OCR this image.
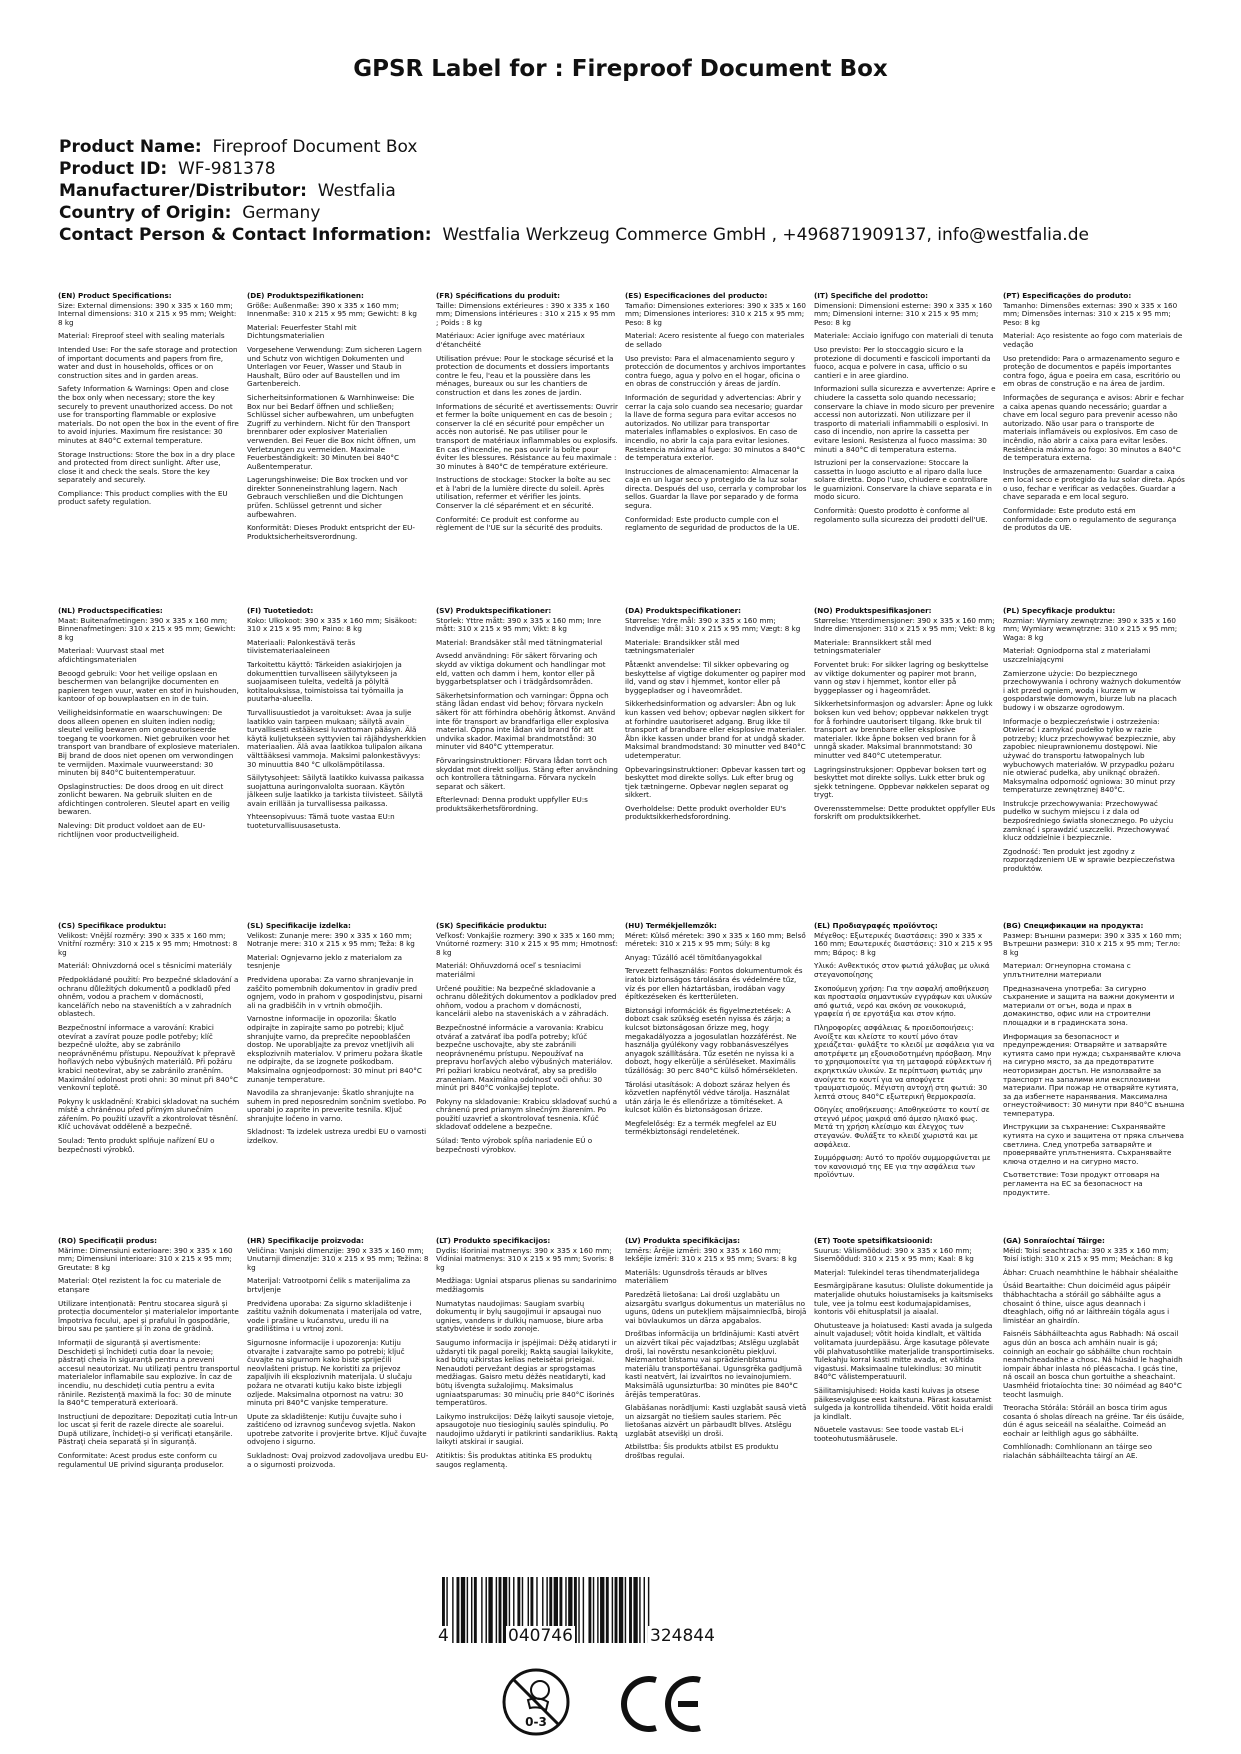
GPSR Label for : Fireproof Document Box
Product Name: Fireproof Document Box
Product ID: WF-981378
Manufacturer/Distributor: Westfalia
Country of Origin: Germany
Contact Person & Contact Information: Westfalia Werkzeug Commerce GmbH , +496871909137, info@westfalia.de
(EN) Product Specifications:

Size: External dimensions: 390 x 335 x 160 mm; Internal dimensions: 310 x 215 x 95 mm; Weight: 8 kg

Material: Fireproof steel with sealing materials

Intended Use: For the safe storage and protection of important documents and papers from fire, water and dust in households, offices or on construction sites and in garden areas.

Safety Information & Warnings: Open and close the box only when necessary; store the key securely to prevent unauthorized access. Do not use for transporting flammable or explosive materials. Do not open the box in the event of fire to avoid injuries. Maximum fire resistance: 30 minutes at 840°C external temperature.

Storage Instructions: Store the box in a dry place and protected from direct sunlight. After use, close it and check the seals. Store the key separately and securely.

Compliance: This product complies with the EU product safety regulation.

(DE) Produktspezifikationen:

Größe: Außenmaße: 390 x 335 x 160 mm; Innenmaße: 310 x 215 x 95 mm; Gewicht: 8 kg

Material: Feuerfester Stahl mit Dichtungsmaterialien

Vorgesehene Verwendung: Zum sicheren Lagern und Schutz von wichtigen Dokumenten und Unterlagen vor Feuer, Wasser und Staub in Haushalt, Büro oder auf Baustellen und im Gartenbereich.

Sicherheitsinformationen & Warnhinweise: Die Box nur bei Bedarf öffnen und schließen; Schlüssel sicher aufbewahren, um unbefugten Zugriff zu verhindern. Nicht für den Transport brennbarer oder explosiver Materialien verwenden. Bei Feuer die Box nicht öffnen, um Verletzungen zu vermeiden. Maximale Feuerbeständigkeit: 30 Minuten bei 840°C Außentemperatur.

Lagerungshinweise: Die Box trocken und vor direkter Sonneneinstrahlung lagern. Nach Gebrauch verschließen und die Dichtungen prüfen. Schlüssel getrennt und sicher aufbewahren.

Konformität: Dieses Produkt entspricht der EU-Produktsicherheitsverordnung.

(FR) Spécifications du produit:

Taille: Dimensions extérieures : 390 x 335 x 160 mm; Dimensions intérieures : 310 x 215 x 95 mm ; Poids : 8 kg

Matériaux: Acier ignifuge avec matériaux d'étanchéité

Utilisation prévue: Pour le stockage sécurisé et la protection de documents et dossiers importants contre le feu, l'eau et la poussière dans les ménages, bureaux ou sur les chantiers de construction et dans les zones de jardin.

Informations de sécurité et avertissements: Ouvrir et fermer la boîte uniquement en cas de besoin ; conserver la clé en sécurité pour empêcher un accès non autorisé. Ne pas utiliser pour le transport de matériaux inflammables ou explosifs. En cas d'incendie, ne pas ouvrir la boîte pour éviter les blessures. Résistance au feu maximale : 30 minutes à 840°C de température extérieure.

Instructions de stockage: Stocker la boîte au sec et à l'abri de la lumière directe du soleil. Après utilisation, refermer et vérifier les joints. Conserver la clé séparément et en sécurité.

Conformité: Ce produit est conforme au règlement de l'UE sur la sécurité des produits.

(ES) Especificaciones del producto:

Tamaño: Dimensiones exteriores: 390 x 335 x 160 mm; Dimensiones interiores: 310 x 215 x 95 mm; Peso: 8 kg

Material: Acero resistente al fuego con materiales de sellado

Uso previsto: Para el almacenamiento seguro y protección de documentos y archivos importantes contra fuego, agua y polvo en el hogar, oficina o en obras de construcción y áreas de jardín.

Información de seguridad y advertencias: Abrir y cerrar la caja solo cuando sea necesario; guardar la llave de forma segura para evitar accesos no autorizados. No utilizar para transportar materiales inflamables o explosivos. En caso de incendio, no abrir la caja para evitar lesiones. Resistencia máxima al fuego: 30 minutos a 840°C de temperatura exterior.

Instrucciones de almacenamiento: Almacenar la caja en un lugar seco y protegido de la luz solar directa. Después del uso, cerrarla y comprobar los sellos. Guardar la llave por separado y de forma segura.

Conformidad: Este producto cumple con el reglamento de seguridad de productos de la UE.

(IT) Specifiche del prodotto:

Dimensioni: Dimensioni esterne: 390 x 335 x 160 mm; Dimensioni interne: 310 x 215 x 95 mm; Peso: 8 kg

Materiale: Acciaio ignifugo con materiali di tenuta

Uso previsto: Per lo stoccaggio sicuro e la protezione di documenti e fascicoli importanti da fuoco, acqua e polvere in casa, ufficio o su cantieri e in aree giardino.

Informazioni sulla sicurezza e avvertenze: Aprire e chiudere la cassetta solo quando necessario; conservare la chiave in modo sicuro per prevenire accessi non autorizzati. Non utilizzare per il trasporto di materiali infiammabili o esplosivi. In caso di incendio, non aprire la cassetta per evitare lesioni. Resistenza al fuoco massima: 30 minuti a 840°C di temperatura esterna.

Istruzioni per la conservazione: Stoccare la cassetta in luogo asciutto e al riparo dalla luce solare diretta. Dopo l'uso, chiudere e controllare le guarnizioni. Conservare la chiave separata e in modo sicuro.

Conformità: Questo prodotto è conforme al regolamento sulla sicurezza dei prodotti dell'UE.

(PT) Especificações do produto:

Tamanho: Dimensões externas: 390 x 335 x 160 mm; Dimensões internas: 310 x 215 x 95 mm; Peso: 8 kg

Material: Aço resistente ao fogo com materiais de vedação

Uso pretendido: Para o armazenamento seguro e proteção de documentos e papéis importantes contra fogo, água e poeira em casa, escritório ou em obras de construção e na área de jardim.

Informações de segurança e avisos: Abrir e fechar a caixa apenas quando necessário; guardar a chave em local seguro para prevenir acesso não autorizado. Não usar para o transporte de materiais inflamáveis ou explosivos. Em caso de incêndio, não abrir a caixa para evitar lesões. Resistência máxima ao fogo: 30 minutos a 840°C de temperatura externa.

Instruções de armazenamento: Guardar a caixa em local seco e protegido da luz solar direta. Após o uso, fechar e verificar as vedações. Guardar a chave separada e em local seguro.

Conformidade: Este produto está em conformidade com o regulamento de segurança de produtos da UE.

(NL) Productspecificaties:

Maat: Buitenafmetingen: 390 x 335 x 160 mm; Binnenafmetingen: 310 x 215 x 95 mm; Gewicht: 8 kg

Materiaal: Vuurvast staal met afdichtingsmaterialen

Beoogd gebruik: Voor het veilige opslaan en beschermen van belangrijke documenten en papieren tegen vuur, water en stof in huishouden, kantoor of op bouwplaatsen en in de tuin.

Veiligheidsinformatie en waarschuwingen: De doos alleen openen en sluiten indien nodig; sleutel veilig bewaren om ongeautoriseerde toegang te voorkomen. Niet gebruiken voor het transport van brandbare of explosieve materialen. Bij brand de doos niet openen om verwondingen te vermijden. Maximale vuurweerstand: 30 minuten bij 840°C buitentemperatuur.

Opslaginstructies: De doos droog en uit direct zonlicht bewaren. Na gebruik sluiten en de afdichtingen controleren. Sleutel apart en veilig bewaren.

Naleving: Dit product voldoet aan de EU-richtlijnen voor productveiligheid.

(FI) Tuotetiedot:

Koko: Ulkokoot: 390 x 335 x 160 mm; Sisäkoot: 310 x 215 x 95 mm; Paino: 8 kg

Materiaali: Palonkestävä teräs tiivistemateriaaleineen

Tarkoitettu käyttö: Tärkeiden asiakirjojen ja dokumenttien turvalliseen säilytykseen ja suojaamiseen tulelta, vedeltä ja pölyltä kotitalouksissa, toimistoissa tai työmailla ja puutarha-alueella.

Turvallisuustiedot ja varoitukset: Avaa ja sulje laatikko vain tarpeen mukaan; säilytä avain turvallisesti estääksesi luvattoman pääsyn. Älä käytä kuljetukseen syttyvien tai räjähdysherkkien materiaalien. Älä avaa laatikkoa tulipalon aikana välttääksesi vammoja. Maksimi palonkestävyys: 30 minuuttia 840 °C ulkolämpötilassa.

Säilytysohjeet: Säilytä laatikko kuivassa paikassa suojattuna auringonvalolta suoraan. Käytön jälkeen sulje laatikko ja tarkista tiivisteet. Säilytä avain erillään ja turvallisessa paikassa.

Yhteensopivuus: Tämä tuote vastaa EU:n tuoteturvallisuusasetusta.

(SV) Produktspecifikationer:

Storlek: Yttre mått: 390 x 335 x 160 mm; Inre mått: 310 x 215 x 95 mm; Vikt: 8 kg

Material: Brandsäker stål med tätningmaterial

Avsedd användning: För säkert förvaring och skydd av viktiga dokument och handlingar mot eld, vatten och damm i hem, kontor eller på byggarbetsplatser och i trädgårdsområden.

Säkerhetsinformation och varningar: Öppna och stäng lådan endast vid behov; förvara nyckeln säkert för att förhindra obehörig åtkomst. Använd inte för transport av brandfarliga eller explosiva material. Öppna inte lådan vid brand för att undvika skador. Maximal brandmotstånd: 30 minuter vid 840°C yttemperatur.

Förvaringsinstruktioner: Förvara lådan torrt och skyddat mot direkt solljus. Stäng efter användning och kontrollera tätningarna. Förvara nyckeln separat och säkert.

Efterlevnad: Denna produkt uppfyller EU:s produktsäkerhetsförordning.

(DA) Produktspecifikationer:

Størrelse: Ydre mål: 390 x 335 x 160 mm; Indvendige mål: 310 x 215 x 95 mm; Vægt: 8 kg

Materiale: Brandsikker stål med tætningsmaterialer

Påtænkt anvendelse: Til sikker opbevaring og beskyttelse af vigtige dokumenter og papirer mod ild, vand og støv i hjemmet, kontor eller på byggepladser og i haveområdet.

Sikkerhedsinformation og advarsler: Åbn og luk kun kassen ved behov; opbevar nøglen sikkert for at forhindre uautoriseret adgang. Brug ikke til transport af brandbare eller eksplosive materialer. Åbn ikke kassen under brand for at undgå skader. Maksimal brandmodstand: 30 minutter ved 840°C udetemperatur.

Opbevaringsinstruktioner: Opbevar kassen tørt og beskyttet mod direkte sollys. Luk efter brug og tjek tætningerne. Opbevar nøglen separat og sikkert.

Overholdelse: Dette produkt overholder EU's produktsikkerhedsforordning.

(NO) Produktspesifikasjoner:

Størrelse: Ytterdimensjoner: 390 x 335 x 160 mm; Indre dimensjoner: 310 x 215 x 95 mm; Vekt: 8 kg

Materiale: Brannsikkert stål med tetningsmaterialer

Forventet bruk: For sikker lagring og beskyttelse av viktige dokumenter og papirer mot brann, vann og støv i hjemmet, kontor eller på byggeplasser og i hageområdet.

Sikkerhetsinformasjon og advarsler: Åpne og lukk boksen kun ved behov; oppbevar nøkkelen trygt for å forhindre uautorisert tilgang. Ikke bruk til transport av brennbare eller eksplosive materialer. Ikke åpne boksen ved brann for å unngå skader. Maksimal brannmotstand: 30 minutter ved 840°C utetemperatur.

Lagringsinstruksjoner: Oppbevar boksen tørt og beskyttet mot direkte sollys. Lukk etter bruk og sjekk tetningene. Oppbevar nøkkelen separat og trygt.

Overensstemmelse: Dette produktet oppfyller EUs forskrift om produktsikkerhet.

(PL) Specyfikacje produktu:

Rozmiar: Wymiary zewnętrzne: 390 x 335 x 160 mm; Wymiary wewnętrzne: 310 x 215 x 95 mm; Waga: 8 kg

Materiał: Ogniodporna stal z materiałami uszczelniającymi

Zamierzone użycie: Do bezpiecznego przechowywania i ochrony ważnych dokumentów i akt przed ogniem, wodą i kurzem w gospodarstwie domowym, biurze lub na placach budowy i w obszarze ogrodowym.

Informacje o bezpieczeństwie i ostrzeżenia: Otwierać i zamykać pudełko tylko w razie potrzeby; klucz przechowywać bezpiecznie, aby zapobiec nieuprawnionemu dostępowi. Nie używać do transportu łatwopalnych lub wybuchowych materiałów. W przypadku pożaru nie otwierać pudełka, aby uniknąć obrażeń. Maksymalna odporność ogniowa: 30 minut przy temperaturze zewnętrznej 840°C.

Instrukcje przechowywania: Przechowywać pudełko w suchym miejscu i z dala od bezpośredniego światła słonecznego. Po użyciu zamknąć i sprawdzić uszczelki. Przechowywać klucz oddzielnie i bezpiecznie.

Zgodność: Ten produkt jest zgodny z rozporządzeniem UE w sprawie bezpieczeństwa produktów.

(CS) Specifikace produktu:

Velikost: Vnější rozměry: 390 x 335 x 160 mm; Vnitřní rozměry: 310 x 215 x 95 mm; Hmotnost: 8 kg

Materiál: Ohnivzdorná ocel s těsnicími materiály

Předpokládané použití: Pro bezpečné skladování a ochranu důležitých dokumentů a podkladů před ohněm, vodou a prachem v domácnosti, kancelářích nebo na staveništích a v zahradních oblastech.

Bezpečnostní informace a varování: Krabici otevírat a zavírat pouze podle potřeby; klíč bezpečně uložte, aby se zabránilo neoprávněnému přístupu. Nepoužívat k přepravě hořlavých nebo výbušných materiálů. Při požáru krabici neotevírat, aby se zabránilo zraněním. Maximální odolnost proti ohni: 30 minut při 840°C venkovní teplotě.

Pokyny k uskladnění: Krabici skladovat na suchém místě a chráněnou před přímým slunečním zářením. Po použití uzavřít a zkontrolovat těsnění. Klíč uchovávat odděleně a bezpečně.

Soulad: Tento produkt splňuje nařízení EU o bezpečnosti výrobků.

(SL) Specifikacije izdelka:

Velikost: Zunanje mere: 390 x 335 x 160 mm; Notranje mere: 310 x 215 x 95 mm; Teža: 8 kg

Material: Ognjevarno jeklo z materialom za tesnjenje

Predvidena uporaba: Za varno shranjevanje in zaščito pomembnih dokumentov in gradiv pred ognjem, vodo in prahom v gospodinjstvu, pisarni ali na gradbiščih in v vrtnih območjih.

Varnostne informacije in opozorila: Škatlo odpirajte in zapirajte samo po potrebi; ključ shranjujte varno, da preprečite nepooblaščen dostop. Ne uporabljajte za prevoz vnetljivih ali eksplozivnih materialov. V primeru požara škatle ne odpirajte, da se izognete poškodbam. Maksimalna ognjeodpornost: 30 minut pri 840°C zunanje temperature.

Navodila za shranjevanje: Škatlo shranjujte na suhem in pred neposrednim sončnim svetlobo. Po uporabi jo zaprite in preverite tesnila. Ključ shranjujte ločeno in varno.

Skladnost: Ta izdelek ustreza uredbi EU o varnosti izdelkov.

(SK) Špecifikácie produktu:

Veľkosť: Vonkajšie rozmery: 390 x 335 x 160 mm; Vnútorné rozmery: 310 x 215 x 95 mm; Hmotnosť: 8 kg

Materiál: Ohňuvzdorná oceľ s tesniacimi materiálmi

Určené použitie: Na bezpečné skladovanie a ochranu dôležitých dokumentov a podkladov pred ohňom, vodou a prachom v domácnosti, kancelárii alebo na staveniskách a v záhradách.

Bezpečnostné informácie a varovania: Krabicu otvárať a zatvárať iba podľa potreby; kľúč bezpečne uschovajte, aby ste zabránili neoprávnenému prístupu. Nepoužívať na prepravu horľavých alebo výbušných materiálov. Pri požiari krabicu neotvárať, aby sa predišlo zraneniam. Maximálna odolnosť voči ohňu: 30 minút pri 840°C vonkajšej teplote.

Pokyny na skladovanie: Krabicu skladovať suchú a chránenú pred priamym slnečným žiarením. Po použití uzavrieť a skontrolovať tesnenia. Kľúč skladovať oddelene a bezpečne.

Súlad: Tento výrobok spĺňa nariadenie EÚ o bezpečnosti výrobkov.

(HU) Termékjellemzők:

Méret: Külső méretek: 390 x 335 x 160 mm; Belső méretek: 310 x 215 x 95 mm; Súly: 8 kg

Anyag: Tűzálló acél tömítőanyagokkal

Tervezett felhasználás: Fontos dokumentumok és iratok biztonságos tárolására és védelmére tűz, víz és por ellen háztartásban, irodában vagy építkezéseken és kertterületen.

Biztonsági információk és figyelmeztetések: A dobozt csak szükség esetén nyissa és zárja; a kulcsot biztonságosan őrizze meg, hogy megakadályozza a jogosulatlan hozzáférést. Ne használja gyúlékony vagy robbanásveszélyes anyagok szállítására. Tűz esetén ne nyissa ki a dobozt, hogy elkerülje a sérüléseket. Maximális tűzállóság: 30 perc 840°C külső hőmérsékleten.

Tárolási utasítások: A dobozt száraz helyen és közvetlen napfénytől védve tárolja. Használat után zárja le és ellenőrizze a tömítéseket. A kulcsot külön és biztonságosan őrizze.

Megfelelőség: Ez a termék megfelel az EU termékbiztonsági rendeletének.

(EL) Προδιαγραφές προϊόντος:

Μέγεθος: Εξωτερικές διαστάσεις: 390 x 335 x 160 mm; Εσωτερικές διαστάσεις: 310 x 215 x 95 mm; Βάρος: 8 kg

Υλικό: Ανθεκτικός στον φωτιά χάλυβας με υλικά στεγανοποίησης

Σκοπούμενη χρήση: Για την ασφαλή αποθήκευση και προστασία σημαντικών εγγράφων και υλικών από φωτιά, νερό και σκόνη σε νοικοκυριά, γραφεία ή σε εργοτάξια και στον κήπο.

Πληροφορίες ασφάλειας & προειδοποιήσεις: Ανοίξτε και κλείστε το κουτί μόνο όταν χρειάζεται· φυλάξτε το κλειδί με ασφάλεια για να αποτρέψετε μη εξουσιοδοτημένη πρόσβαση. Μην το χρησιμοποιείτε για τη μεταφορά εύφλεκτων ή εκρηκτικών υλικών. Σε περίπτωση φωτιάς μην ανοίγετε το κουτί για να αποφύγετε τραυματισμούς. Μέγιστη αντοχή στη φωτιά: 30 λεπτά στους 840°C εξωτερική θερμοκρασία.

Οδηγίες αποθήκευσης: Αποθηκεύστε το κουτί σε στεγνό μέρος μακριά από άμεσο ηλιακό φως. Μετά τη χρήση κλείσιμο και έλεγχος των στεγανών. Φυλάξτε το κλειδί χωριστά και με ασφάλεια.

Συμμόρφωση: Αυτό το προϊόν συμμορφώνεται με τον κανονισμό της ΕΕ για την ασφάλεια των προϊόντων.

(BG) Спецификации на продукта:

Размер: Външни размери: 390 x 335 x 160 mm; Вътрешни размери: 310 x 215 x 95 mm; Тегло: 8 kg

Материал: Огнеупорна стомана с уплътнителни материали

Предназначена употреба: За сигурно съхранение и защита на важни документи и материали от огън, вода и прах в домакинство, офис или на строителни площадки и в градинската зона.

Информация за безопасност и предупреждения: Отваряйте и затваряйте кутията само при нужда; съхранявайте ключа на сигурно място, за да предотвратите неоторизиран достъп. Не използвайте за транспорт на запалими или експлозивни материали. При пожар не отваряйте кутията, за да избегнете наранявания. Максимална огнеустойчивост: 30 минути при 840°C външна температура.

Инструкции за съхранение: Съхранявайте кутията на сухо и защитена от пряка слънчева светлина. След употреба затваряйте и проверявайте уплътненията. Съхранявайте ключа отделно и на сигурно място.

Съответствие: Този продукт отговаря на регламента на ЕС за безопасност на продуктите.

(RO) Specificații produs:

Mărime: Dimensiuni exterioare: 390 x 335 x 160 mm; Dimensiuni interioare: 310 x 215 x 95 mm; Greutate: 8 kg

Material: Oțel rezistent la foc cu materiale de etanșare

Utilizare intenționată: Pentru stocarea sigură și protecția documentelor și materialelor importante împotriva focului, apei și prafului în gospodărie, birou sau pe șantiere și în zona de grădină.

Informații de siguranță și avertismente: Deschideți și închideți cutia doar la nevoie; păstrați cheia în siguranță pentru a preveni accesul neautorizat. Nu utilizați pentru transportul materialelor inflamabile sau explozive. În caz de incendiu, nu deschideți cutia pentru a evita rănirile. Rezistență maximă la foc: 30 de minute la 840°C temperatură exterioară.

Instrucțiuni de depozitare: Depozitați cutia într-un loc uscat și ferit de razele directe ale soarelui. După utilizare, închideți-o și verificați etanșările. Păstrați cheia separată și în siguranță.

Conformitate: Acest produs este conform cu regulamentul UE privind siguranța produselor.

(HR) Specifikacije proizvoda:

Veličina: Vanjski dimenzije: 390 x 335 x 160 mm; Unutarnji dimenzije: 310 x 215 x 95 mm; Težina: 8 kg

Materijal: Vatrootporni čelik s materijalima za brtvljenje

Predviđena uporaba: Za sigurno skladištenje i zaštitu važnih dokumenata i materijala od vatre, vode i prašine u kućanstvu, uredu ili na gradilištima i u vrtnoj zoni.

Sigurnosne informacije i upozorenja: Kutiju otvarajte i zatvarajte samo po potrebi; ključ čuvajte na sigurnom kako biste spriječili neovlašteni pristup. Ne koristiti za prijevoz zapaljivih ili eksplozivnih materijala. U slučaju požara ne otvarati kutiju kako biste izbjegli ozljede. Maksimalna otpornost na vatru: 30 minuta pri 840°C vanjske temperature.

Upute za skladištenje: Kutiju čuvajte suho i zaštićeno od izravnog sunčevog svjetla. Nakon upotrebe zatvorite i provjerite brtve. Ključ čuvajte odvojeno i sigurno.

Sukladnost: Ovaj proizvod zadovoljava uredbu EU-a o sigurnosti proizvoda.

(LT) Produkto specifikacijos:

Dydis: Išoriniai matmenys: 390 x 335 x 160 mm; Vidiniai matmenys: 310 x 215 x 95 mm; Svoris: 8 kg

Medžiaga: Ugniai atsparus plienas su sandarinimo medžiagomis

Numatytas naudojimas: Saugiam svarbių dokumentų ir bylų saugojimui ir apsaugai nuo ugnies, vandens ir dulkių namuose, biure arba statybvietėse ir sodo zonoje.

Saugumo informacija ir įspėjimai: Dėžę atidaryti ir uždaryti tik pagal poreikį; Raktą saugiai laikykite, kad būtų užkirstas kelias neteisėtai prieigai. Nenaudoti pervežant degias ar sprogstamas medžiagas. Gaisro metu dėžės neatidaryti, kad būtų išvengta sužalojimų. Maksimalus ugniaatsparumas: 30 minučių prie 840°C išorinės temperatūros.

Laikymo instrukcijos: Dėžę laikyti sausoje vietoje, apsaugotoje nuo tiesioginių saulės spindulių. Po naudojimo uždaryti ir patikrinti sandariklius. Raktą laikyti atskirai ir saugiai.

Atitiktis: Šis produktas atitinka ES produktų saugos reglamentą.

(LV) Produkta specifikācijas:

Izmērs: Ārējie izmēri: 390 x 335 x 160 mm; Iekšējie izmēri: 310 x 215 x 95 mm; Svars: 8 kg

Materiāls: Ugunsdrošs tērauds ar blīves materiāliem

Paredzētā lietošana: Lai droši uzglabātu un aizsargātu svarīgus dokumentus un materiālus no uguns, ūdens un putekļiem mājsaimniecībā, birojā vai būvlaukumos un dārza apgabalos.

Drošības informācija un brīdinājumi: Kasti atvērt un aizvērt tikai pēc vajadzības; Atslēgu uzglabāt droši, lai novērstu nesankcionētu piekļuvi. Neizmantot bīstamu vai sprādzienbīstamu materiālu transportēšanai. Ugunsgrēka gadījumā kasti neatvērt, lai izvairītos no ievainojumiem. Maksimālā ugunsizturība: 30 minūtes pie 840°C ārējās temperatūras.

Glabāšanas norādījumi: Kasti uzglabāt sausā vietā un aizsargāt no tiešiem saules stariem. Pēc lietošanas aizvērt un pārbaudīt blīves. Atslēgu uzglabāt atsevišķi un droši.

Atbilstība: Šis produkts atbilst ES produktu drošības regulai.

(ET) Toote spetsifikatsioonid:

Suurus: Välismõõdud: 390 x 335 x 160 mm; Sisemõõdud: 310 x 215 x 95 mm; Kaal: 8 kg

Materjal: Tulekindel teras tihendmaterjalidega

Eesmärgipärane kasutus: Oluliste dokumentide ja materjalide ohutuks hoiustamiseks ja kaitsmiseks tule, vee ja tolmu eest kodumajapidamises, kontoris või ehitusplatsil ja aiaalal.

Ohutusteave ja hoiatused: Kasti avada ja sulgeda ainult vajadusel; võtit hoida kindlalt, et vältida volitamata juurdepääsu. Ärge kasutage põlevate või plahvatusohtlike materjalide transportimiseks. Tulekahju korral kasti mitte avada, et vältida vigastusi. Maksimaalne tulekindlus: 30 minutit 840°C välistemperatuuril.

Säilitamisjuhised: Hoida kasti kuivas ja otsese päikesevalguse eest kaitstuna. Pärast kasutamist sulgeda ja kontrollida tihendeid. Võtit hoida eraldi ja kindlalt.

Nõuetele vastavus: See toode vastab EL-i tooteohutusmäärusele.

(GA) Sonraíochtaí Táirge:

Méid: Toisí seachtracha: 390 x 335 x 160 mm; Toisí istigh: 310 x 215 x 95 mm; Meáchan: 8 kg

Ábhar: Cruach neamhthine le hábhair shéalaithe

Úsáid Beartaithe: Chun doiciméid agus páipéir thábhachtacha a stóráil go sábháilte agus a chosaint ó thine, uisce agus deannach i dteaghlach, oifig nó ar láithreáin tógála agus i limistéar an ghairdín.

Faisnéis Sábháilteachta agus Rabhadh: Ná oscail agus dún an bosca ach amháin nuair is gá; coinnigh an eochair go sábháilte chun rochtain neamhcheadaithe a chosc. Ná húsáid le haghaidh iompair ábhar inlasta nó pléascacha. I gcás tine, ná oscail an bosca chun gortuithe a sheachaint. Uasmhéid friotaíochta tine: 30 nóiméad ag 840°C teocht lasmuigh.

Treoracha Stórála: Stóráil an bosca tirim agus cosanta ó sholas díreach na gréine. Tar éis úsáide, dún é agus seiceáil na séalaithe. Coimeád an eochair ar leithligh agus go sábháilte.

Comhlíonadh: Comhlíonann an táirge seo rialachán sábháilteachta táirgí an AE.

4	040746	324844
0-3
